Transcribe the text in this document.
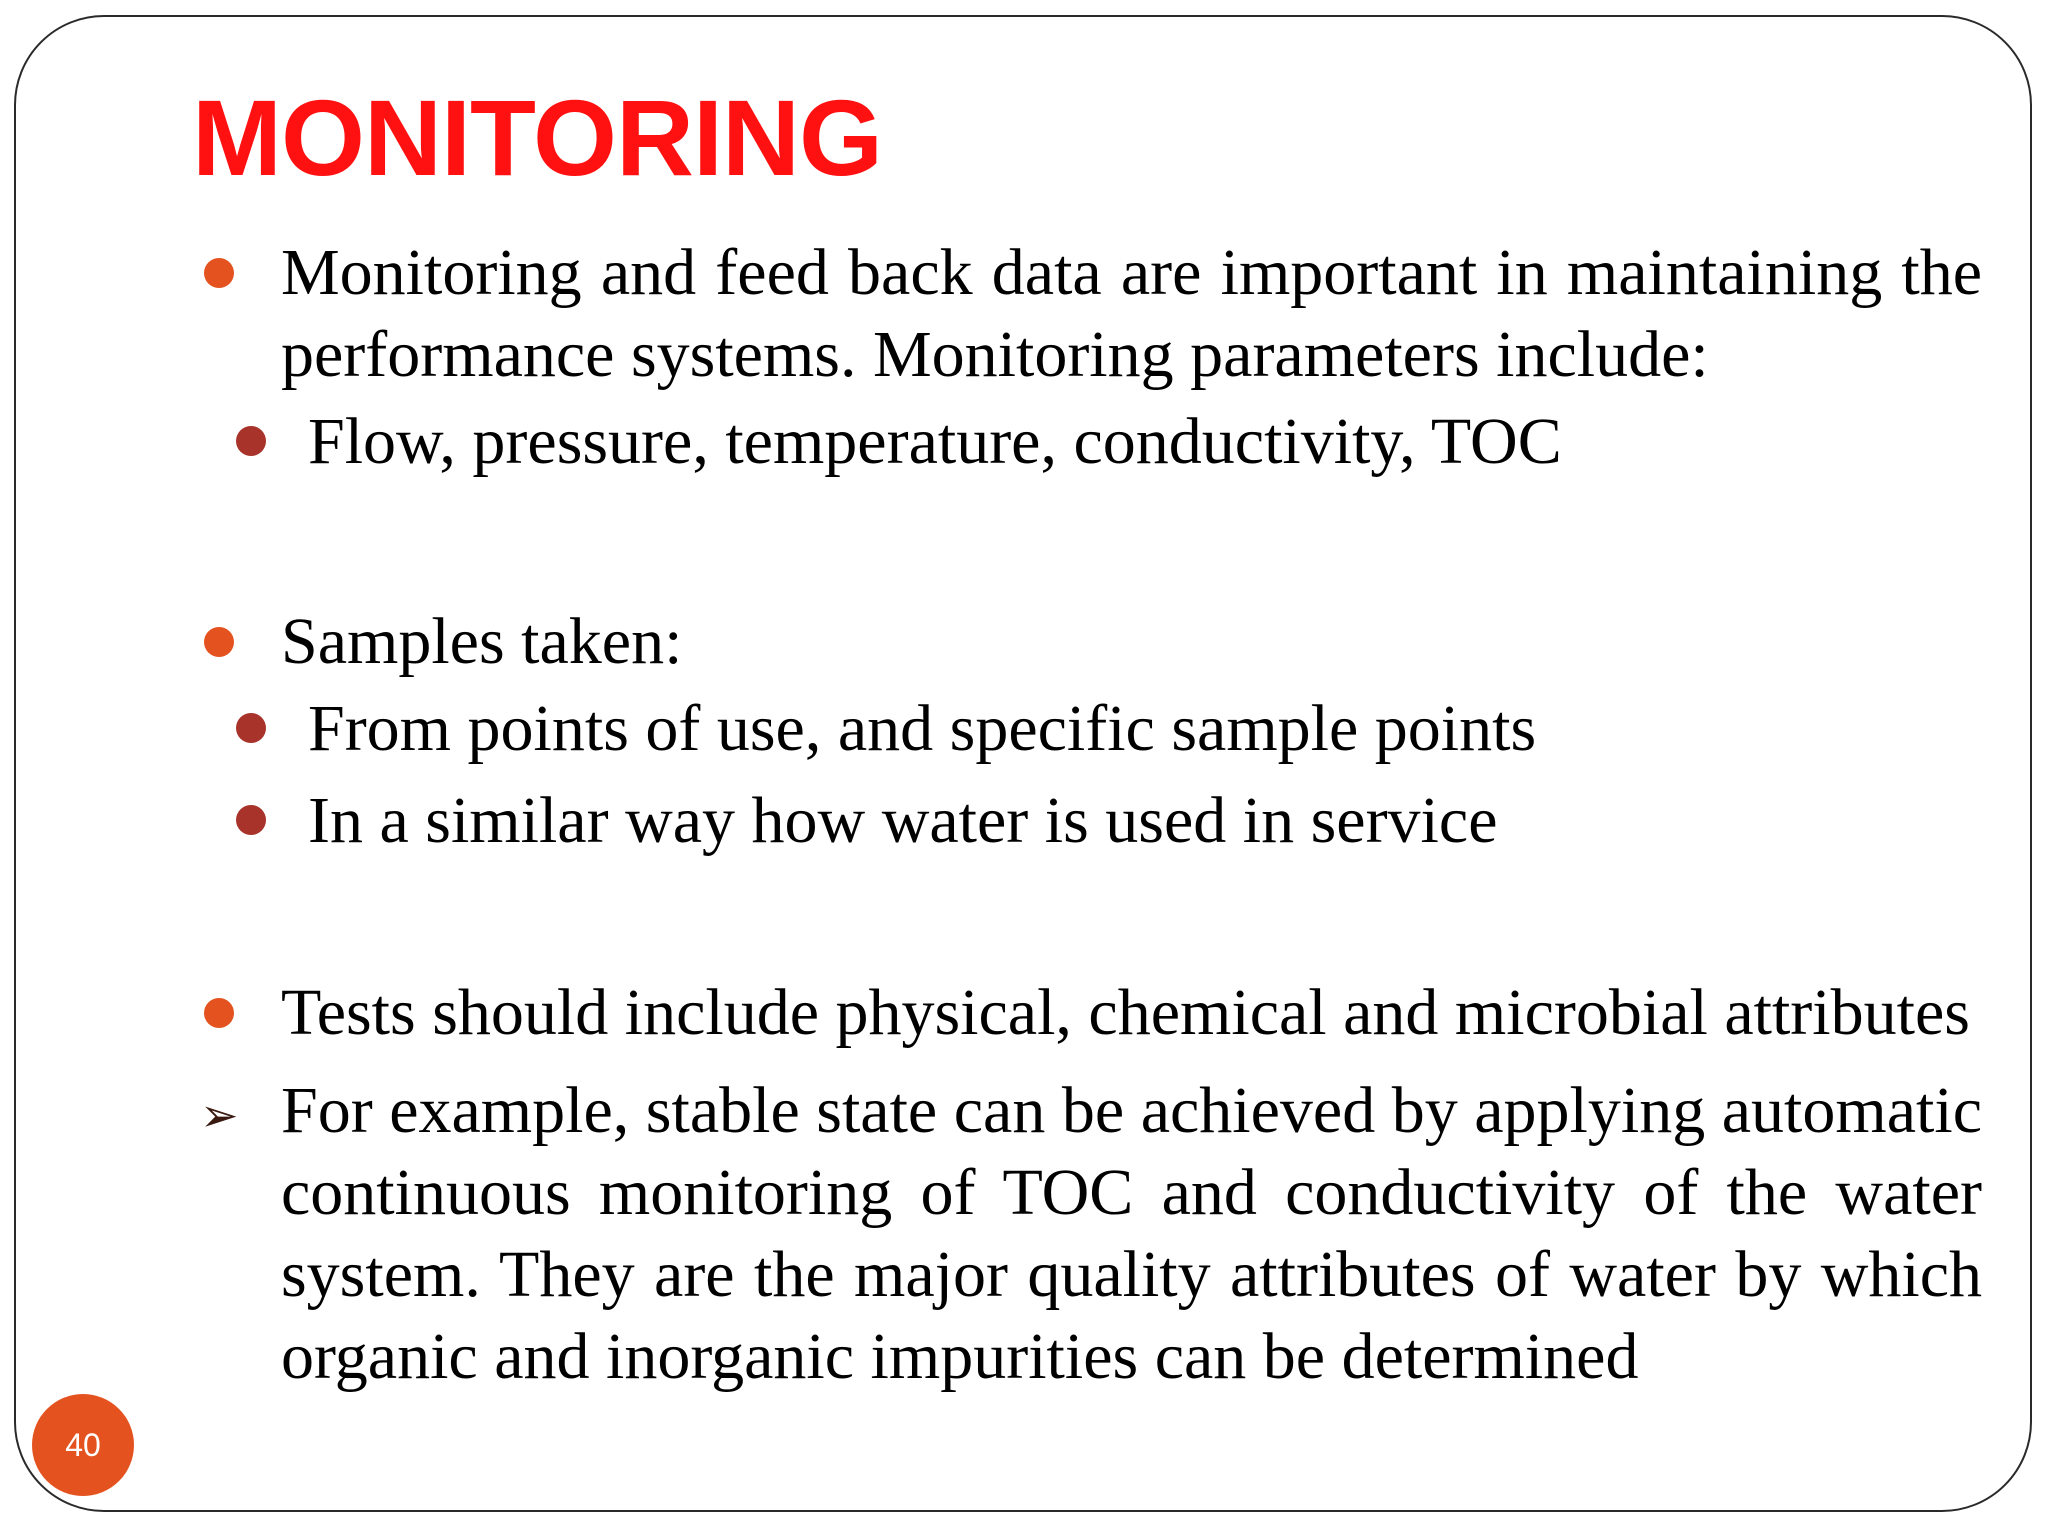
MONITORING
Monitoring and feed back data are important in maintaining the performance systems. Monitoring parameters include:
Flow, pressure, temperature, conductivity, TOC
Samples taken:
From points of use, and specific sample points
In a similar way how water is used in service
Tests should include physical, chemical and microbial attributes
➢ For example, stable state can be achieved by applying automatic continuous monitoring of TOC and conductivity of the water system. They are the major quality attributes of water by which organic and inorganic impurities can be determined
40
